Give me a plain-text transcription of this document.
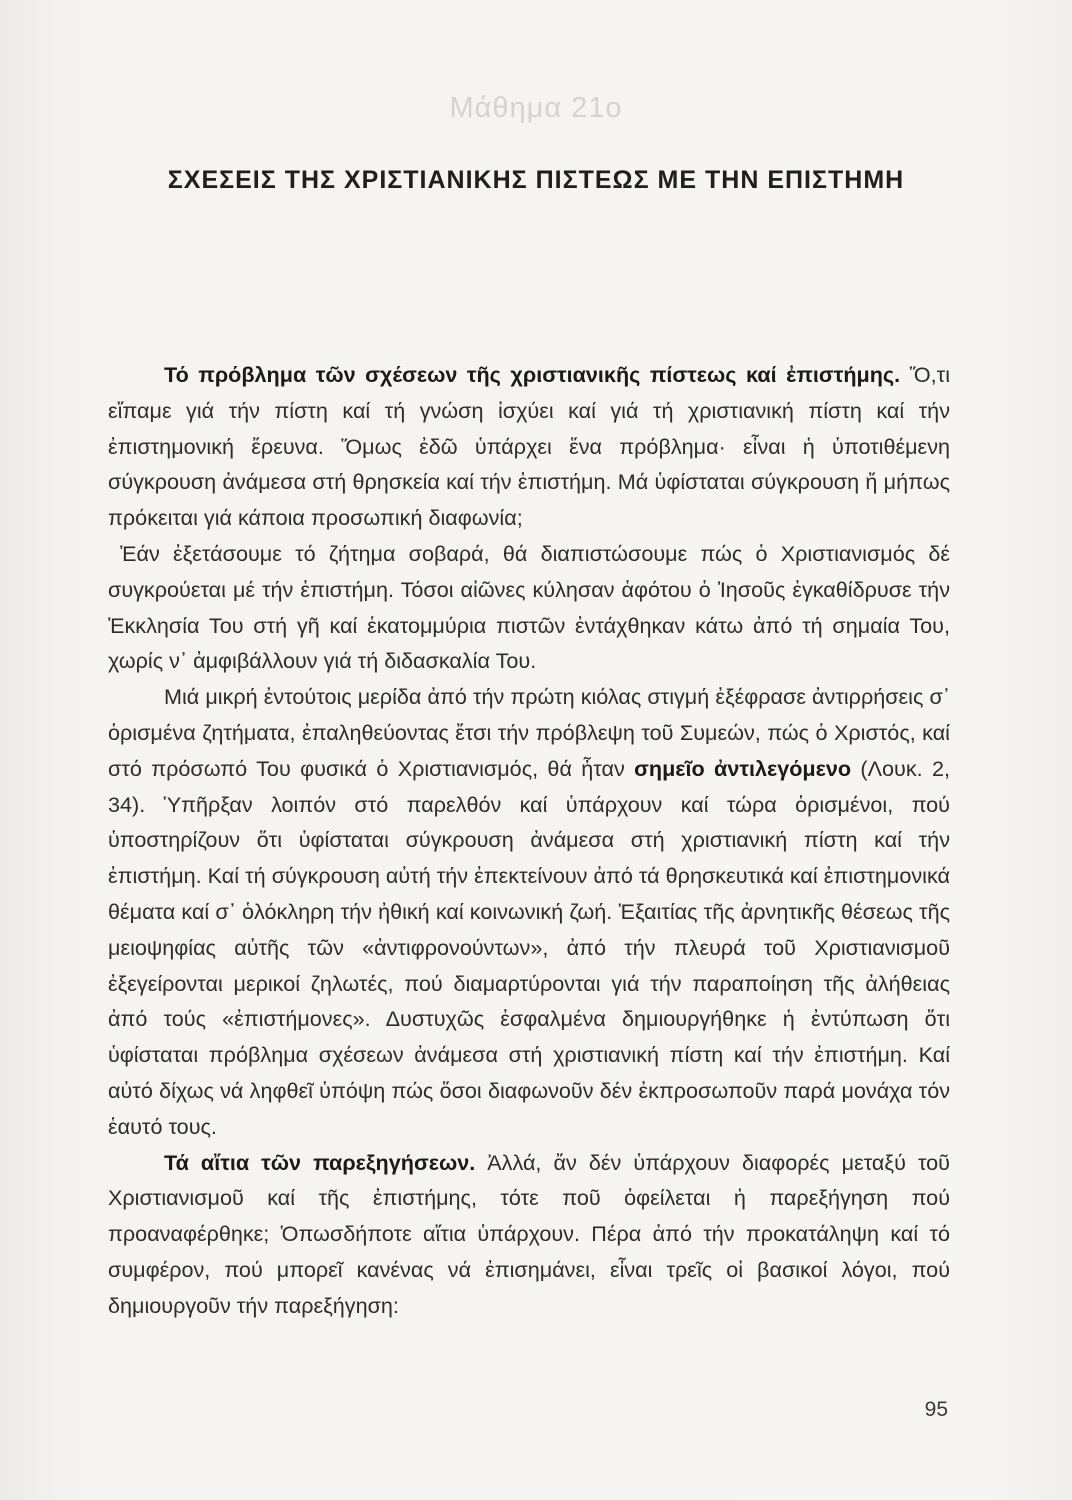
Μάθημα 21ο
ΣΧΕΣΕΙΣ ΤΗΣ ΧΡΙΣΤΙΑΝΙΚΗΣ ΠΙΣΤΕΩΣ ΜΕ ΤΗΝ ΕΠΙΣΤΗΜΗ

Τό πρόβλημα τῶν σχέσεων τῆς χριστιανικῆς πίστεως καί ἐπιστήμης. Ὅ,τι εἴπαμε γιά τήν πίστη καί τή γνώση ἰσχύει καί γιά τή χριστιανική πίστη καί τήν ἐπιστημονική ἔρευνα. Ὅμως ἐδῶ ὑπάρχει ἕνα πρόβλημα· εἶναι ἡ ὑποτιθέμενη σύγκρουση ἀνάμεσα στή θρησκεία καί τήν ἐπιστήμη. Μά ὑφίσταται σύγκρουση ἤ μήπως πρόκειται γιά κάποια προσωπική διαφωνία;

Ἐάν ἐξετάσουμε τό ζήτημα σοβαρά, θά διαπιστώσουμε πώς ὁ Χριστιανισμός δέ συγκρούεται μέ τήν ἐπιστήμη. Τόσοι αἰῶνες κύλησαν ἀφότου ὁ Ἰησοῦς ἐγκαθίδρυσε τήν Ἐκκλησία Του στή γῆ καί ἑκατομμύρια πιστῶν ἐντάχθηκαν κάτω ἀπό τή σημαία Του, χωρίς ν᾿ ἀμφιβάλλουν γιά τή διδασκαλία Του.

Μιά μικρή ἐντούτοις μερίδα ἀπό τήν πρώτη κιόλας στιγμή ἐξέφρασε ἀντιρρήσεις σ᾿ ὁρισμένα ζητήματα, ἐπαληθεύοντας ἔτσι τήν πρόβλεψη τοῦ Συμεών, πώς ὁ Χριστός, καί στό πρόσωπό Του φυσικά ὁ Χριστιανισμός, θά ἦταν σημεῖο ἀντιλεγόμενο (Λουκ. 2, 34). Ὑπῆρξαν λοιπόν στό παρελθόν καί ὑπάρχουν καί τώρα ὁρισμένοι, πού ὑποστηρίζουν ὅτι ὑφίσταται σύγκρουση ἀνάμεσα στή χριστιανική πίστη καί τήν ἐπιστήμη. Καί τή σύγκρουση αὐτή τήν ἐπεκτείνουν ἀπό τά θρησκευτικά καί ἐπιστημονικά θέματα καί σ᾿ ὁλόκληρη τήν ἠθική καί κοινωνική ζωή. Ἐξαιτίας τῆς ἀρνητικῆς θέσεως τῆς μειοψηφίας αὐτῆς τῶν «ἀντιφρονούντων», ἀπό τήν πλευρά τοῦ Χριστιανισμοῦ ἐξεγείρονται μερικοί ζηλωτές, πού διαμαρτύρονται γιά τήν παραποίηση τῆς ἀλήθειας ἀπό τούς «ἐπιστήμονες». Δυστυχῶς ἐσφαλμένα δημιουργήθηκε ἡ ἐντύπωση ὅτι ὑφίσταται πρόβλημα σχέσεων ἀνάμεσα στή χριστιανική πίστη καί τήν ἐπιστήμη. Καί αὐτό δίχως νά ληφθεῖ ὑπόψη πώς ὅσοι διαφωνοῦν δέν ἐκπροσωποῦν παρά μονάχα τόν ἑαυτό τους.

Τά αἴτια τῶν παρεξηγήσεων. Ἀλλά, ἄν δέν ὑπάρχουν διαφορές μεταξύ τοῦ Χριστιανισμοῦ καί τῆς ἐπιστήμης, τότε ποῦ ὀφείλεται ἡ παρεξήγηση πού προαναφέρθηκε; Ὁπωσδήποτε αἴτια ὑπάρχουν. Πέρα ἀπό τήν προκατάληψη καί τό συμφέρον, πού μπορεῖ κανένας νά ἐπισημάνει, εἶναι τρεῖς οἱ βασικοί λόγοι, πού δημιουργοῦν τήν παρεξήγηση:

95
